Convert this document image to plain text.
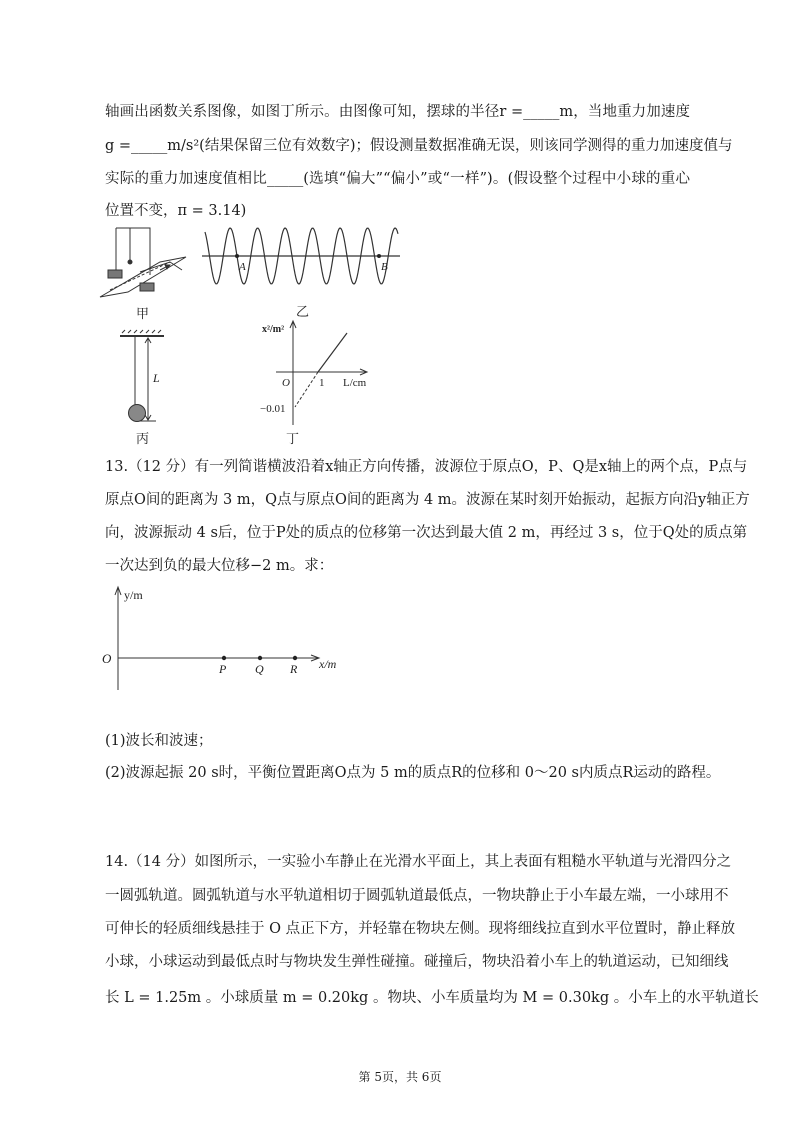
轴画出函数关系图像，如图丁所示。由图像可知，摆球的半径r =_____m，当地重力加速度
g =_____m/s²(结果保留三位有效数字)；假设测量数据准确无误，则该同学测得的重力加速度值与
实际的重力加速度值相比_____(选填“偏大”“偏小”或“一样”)。(假设整个过程中小球的重心
位置不变，π = 3.14)
A	B
甲	乙
L
丙
x²/m²
O	1 L/cm
−0.01
丁
13.（12 分）有一列简谐横波沿着x轴正方向传播，波源位于原点O，P、Q是x轴上的两个点，P点与
原点O间的距离为 3 m，Q点与原点O间的距离为 4 m。波源在某时刻开始振动，起振方向沿y轴正方
向，波源振动 4 s后，位于P处的质点的位移第一次达到最大值 2 m，再经过 3 s，位于Q处的质点第
一次达到负的最大位移−2 m。求：
y/m
O	x/m
P Q R
(1)波长和波速；
(2)波源起振 20 s时，平衡位置距离O点为 5 m的质点R的位移和 0～20 s内质点R运动的路程。
14.（14 分）如图所示，一实验小车静止在光滑水平面上，其上表面有粗糙水平轨道与光滑四分之
一圆弧轨道。圆弧轨道与水平轨道相切于圆弧轨道最低点，一物块静止于小车最左端，一小球用不
可伸长的轻质细线悬挂于 O 点正下方，并轻靠在物块左侧。现将细线拉直到水平位置时，静止释放
小球，小球运动到最低点时与物块发生弹性碰撞。碰撞后，物块沿着小车上的轨道运动，已知细线
长 L = 1.25m 。小球质量 m = 0.20kg 。物块、小车质量均为 M = 0.30kg 。小车上的水平轨道长
第 5页，共 6页
